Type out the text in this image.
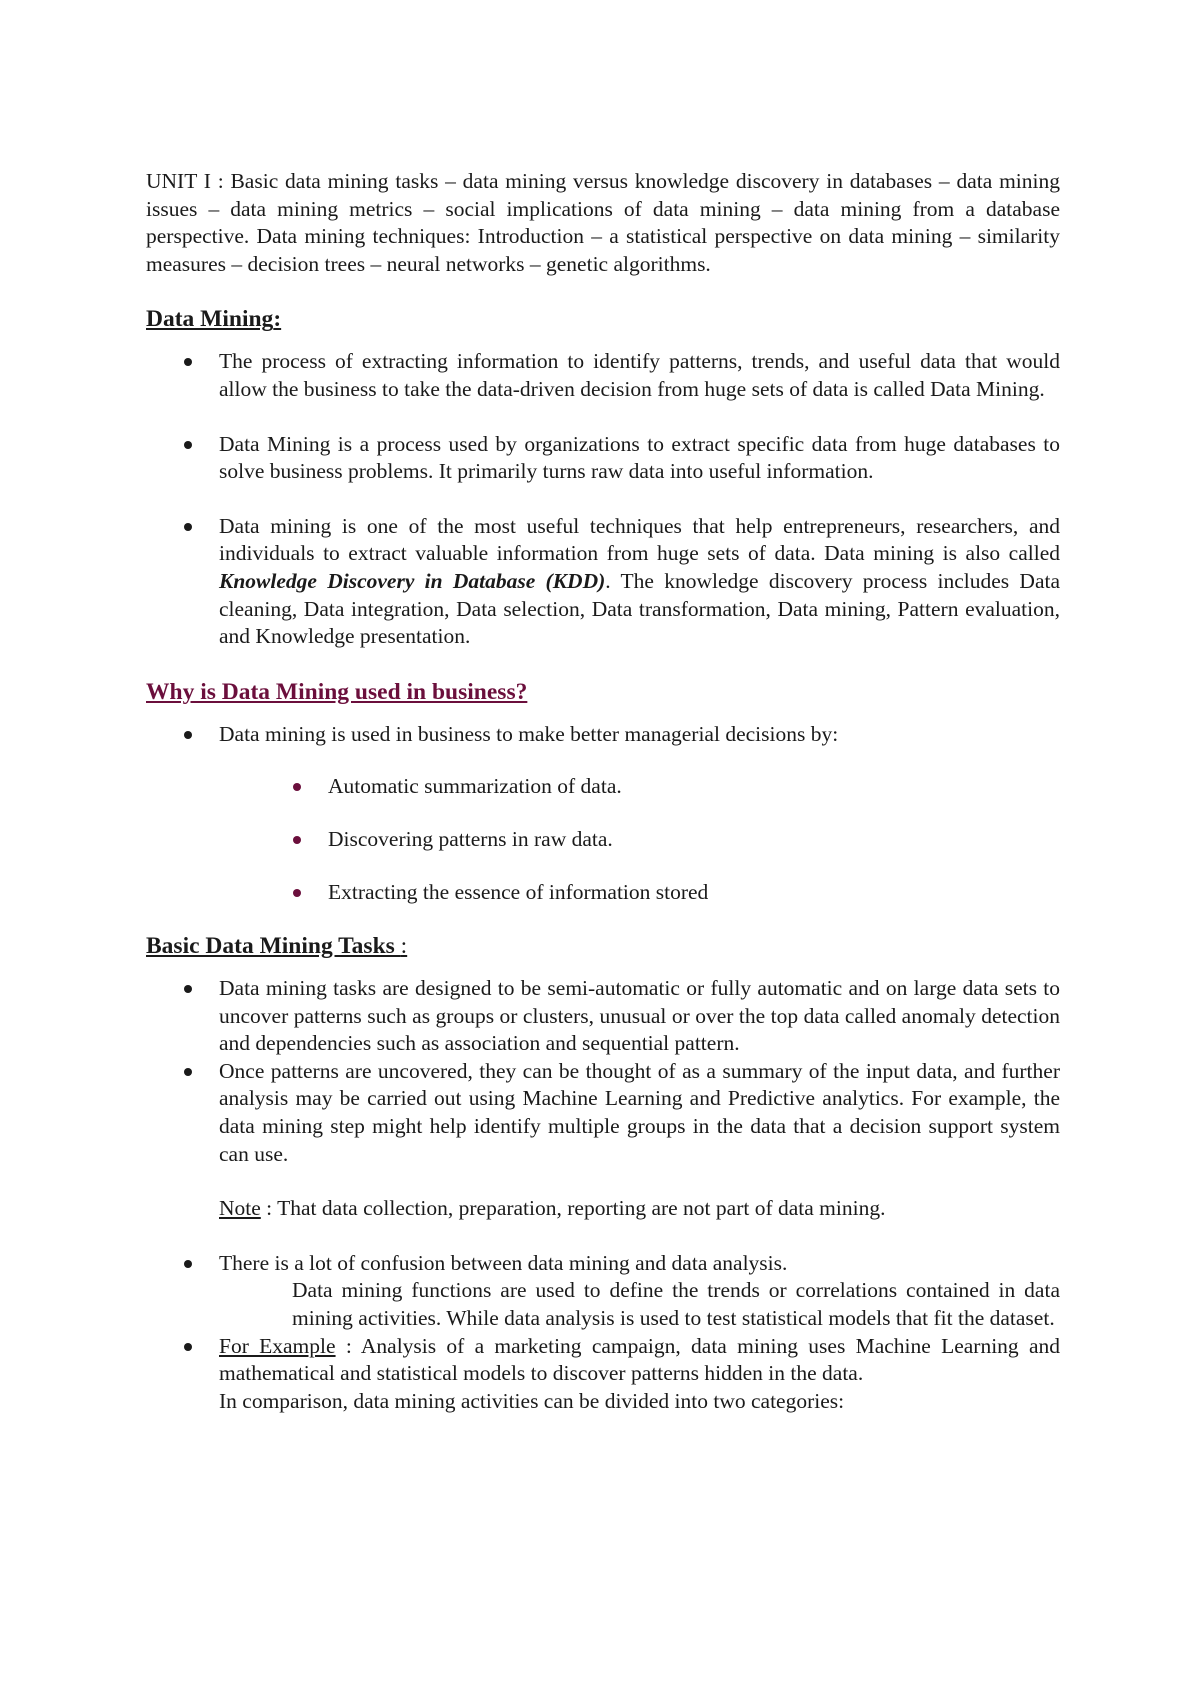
UNIT I : Basic data mining tasks – data mining versus knowledge discovery in databases – data mining issues – data mining metrics – social implications of data mining – data mining from a database perspective. Data mining techniques: Introduction – a statistical perspective on data mining – similarity measures – decision trees – neural networks – genetic algorithms.

Data Mining:
The process of extracting information to identify patterns, trends, and useful data that would allow the business to take the data-driven decision from huge sets of data is called Data Mining.
Data Mining is a process used by organizations to extract specific data from huge databases to solve business problems. It primarily turns raw data into useful information.
Data mining is one of the most useful techniques that help entrepreneurs, researchers, and individuals to extract valuable information from huge sets of data. Data mining is also called Knowledge Discovery in Database (KDD). The knowledge discovery process includes Data cleaning, Data integration, Data selection, Data transformation, Data mining, Pattern evaluation, and Knowledge presentation.
Why is Data Mining used in business?
Data mining is used in business to make better managerial decisions by:
Automatic summarization of data.
Discovering patterns in raw data.
Extracting the essence of information stored
Basic Data Mining Tasks :
Data mining tasks are designed to be semi-automatic or fully automatic and on large data sets to uncover patterns such as groups or clusters, unusual or over the top data called anomaly detection and dependencies such as association and sequential pattern.
Once patterns are uncovered, they can be thought of as a summary of the input data, and further analysis may be carried out using Machine Learning and Predictive analytics. For example, the data mining step might help identify multiple groups in the data that a decision support system can use.
Note : That data collection, preparation, reporting are not part of data mining.
There is a lot of confusion between data mining and data analysis.
Data mining functions are used to define the trends or correlations contained in data mining activities. While data analysis is used to test statistical models that fit the dataset.
For Example : Analysis of a marketing campaign, data mining uses Machine Learning and mathematical and statistical models to discover patterns hidden in the data.
In comparison, data mining activities can be divided into two categories:
